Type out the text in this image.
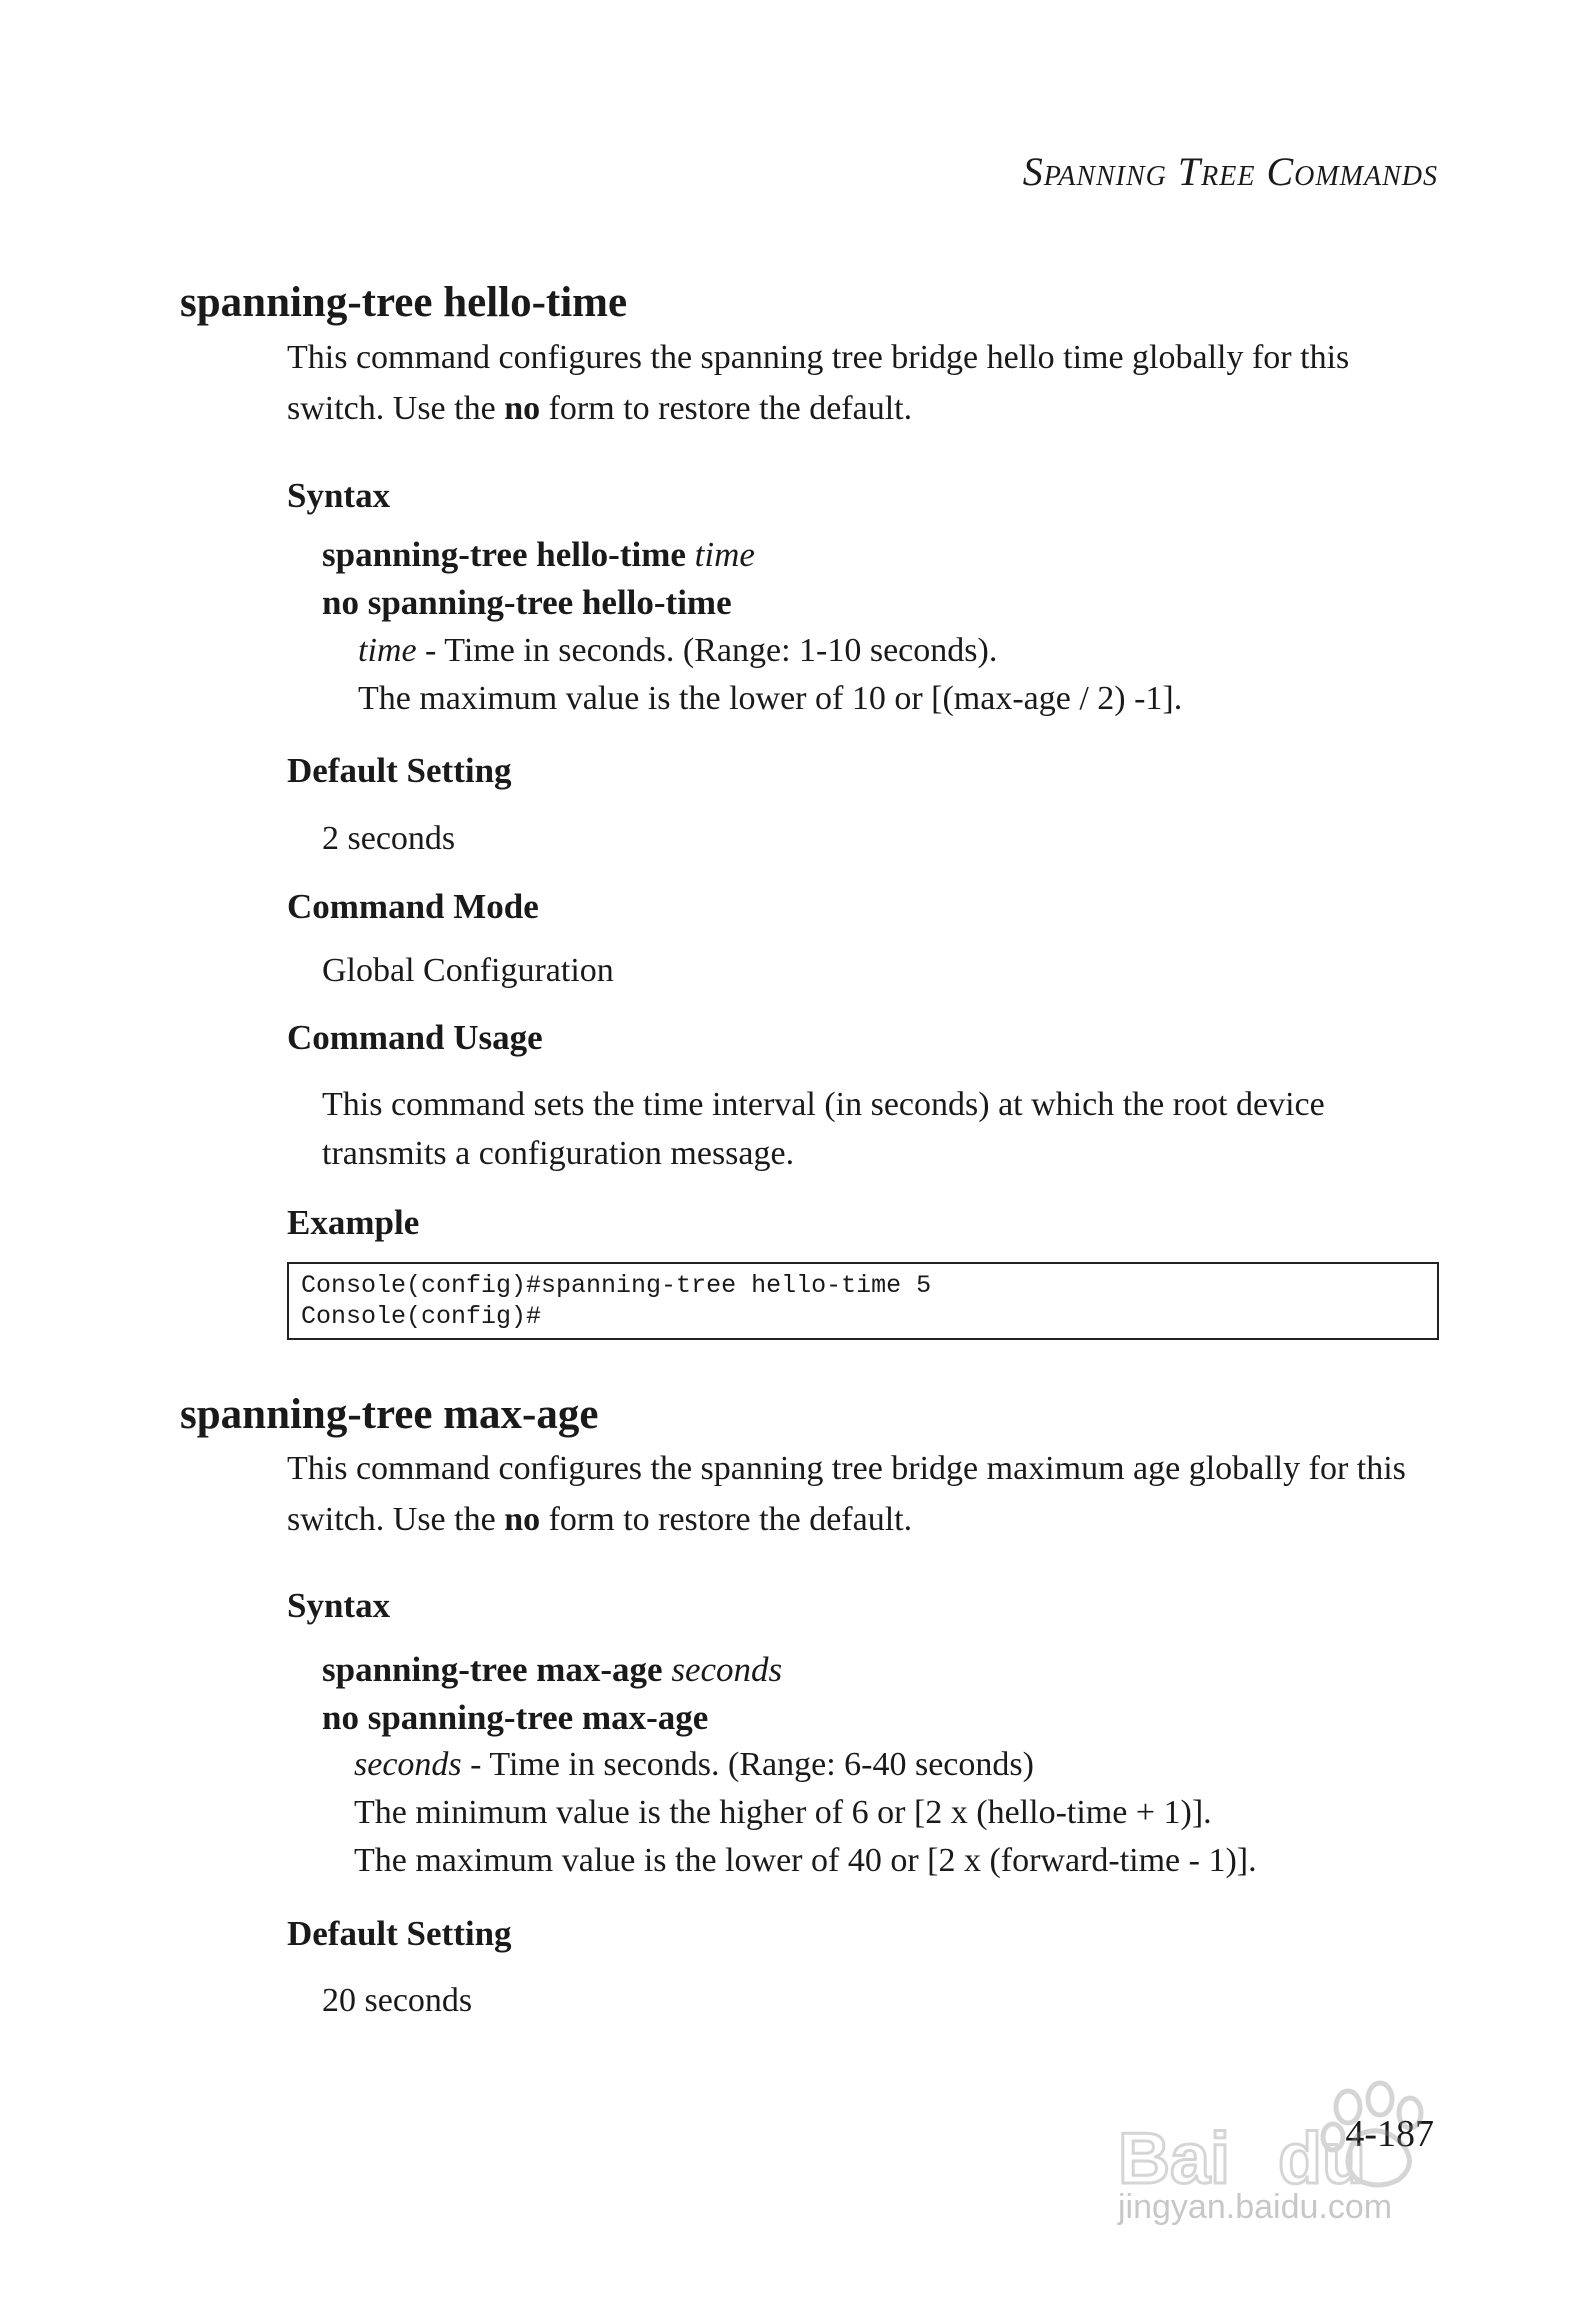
Spanning Tree Commands
spanning-tree hello-time

This command configures the spanning tree bridge hello time globally for this switch. Use the no form to restore the default.

Syntax
spanning-tree hello-time time
no spanning-tree hello-time
time - Time in seconds. (Range: 1-10 seconds).
The maximum value is the lower of 10 or [(max-age / 2) -1].
Default Setting
2 seconds
Command Mode
Global Configuration
Command Usage
This command sets the time interval (in seconds) at which the root device transmits a configuration message.
Example
Console(config)#spanning-tree hello-time 5
Console(config)#
spanning-tree max-age

This command configures the spanning tree bridge maximum age globally for this switch. Use the no form to restore the default.

Syntax
spanning-tree max-age seconds
no spanning-tree max-age
seconds - Time in seconds. (Range: 6-40 seconds)
The minimum value is the higher of 6 or [2 x (hello-time + 1)].
The maximum value is the lower of 40 or [2 x (forward-time - 1)].
Default Setting
20 seconds
4-187
Bai du
jingyan.baidu.com
